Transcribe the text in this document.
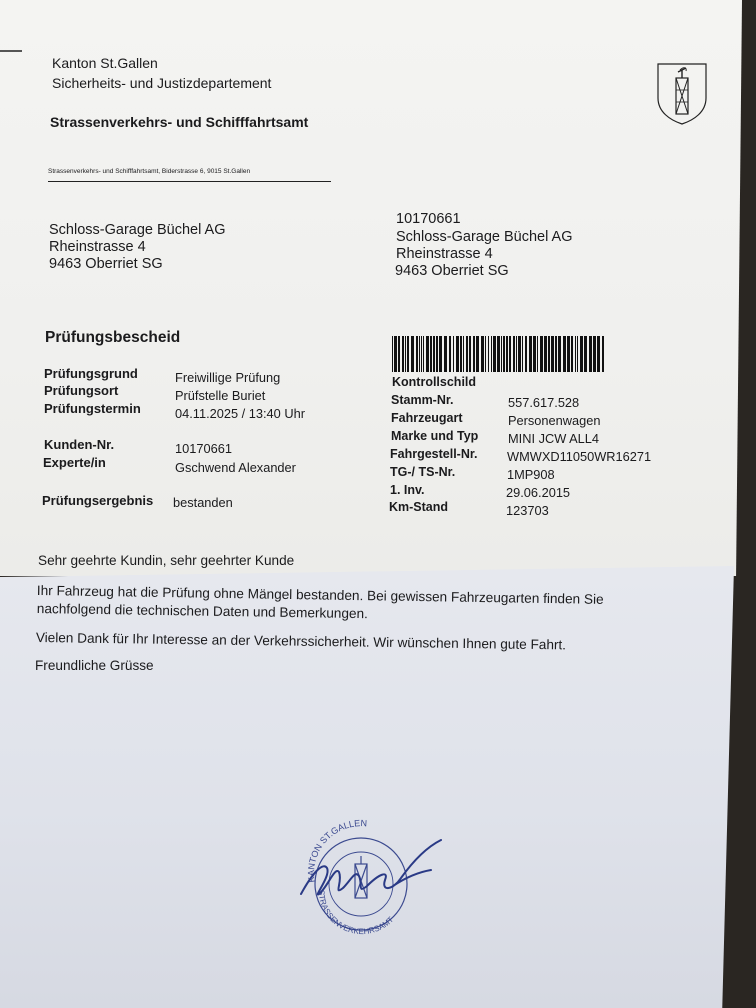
Kanton St.Gallen
Sicherheits- und Justizdepartement
Strassenverkehrs- und Schifffahrtsamt
Strassenverkehrs- und Schifffahrtsamt, Biderstrasse 6, 9015 St.Gallen
Schloss-Garage Büchel AG
Rheinstrasse 4
9463 Oberriet SG
10170661
Schloss-Garage Büchel AG
Rheinstrasse 4
9463 Oberriet SG
Prüfungsbescheid
Prüfungsgrund	Freiwillige Prüfung
Prüfungsort	Prüfstelle Buriet
Prüfungstermin	04.11.2025 / 13:40 Uhr
Kunden-Nr.	10170661
Experte/in	Gschwend Alexander
Prüfungsergebnis bestanden
Kontrollschild
Stamm-Nr.	557.617.528
Fahrzeugart	Personenwagen
Marke und Typ MINI JCW ALL4
Fahrgestell-Nr. WMWXD11050WR16271
TG-/ TS-Nr.	1MP908
1. Inv.	29.06.2015
Km-Stand	123703
Sehr geehrte Kundin, sehr geehrter Kunde
Ihr Fahrzeug hat die Prüfung ohne Mängel bestanden. Bei gewissen Fahrzeugarten finden Sie
nachfolgend die technischen Daten und Bemerkungen.
Vielen Dank für Ihr Interesse an der Verkehrssicherheit. Wir wünschen Ihnen gute Fahrt.
Freundliche Grüsse
KANTON ST.GALLEN
STRASSENVERKEHRSAMT
